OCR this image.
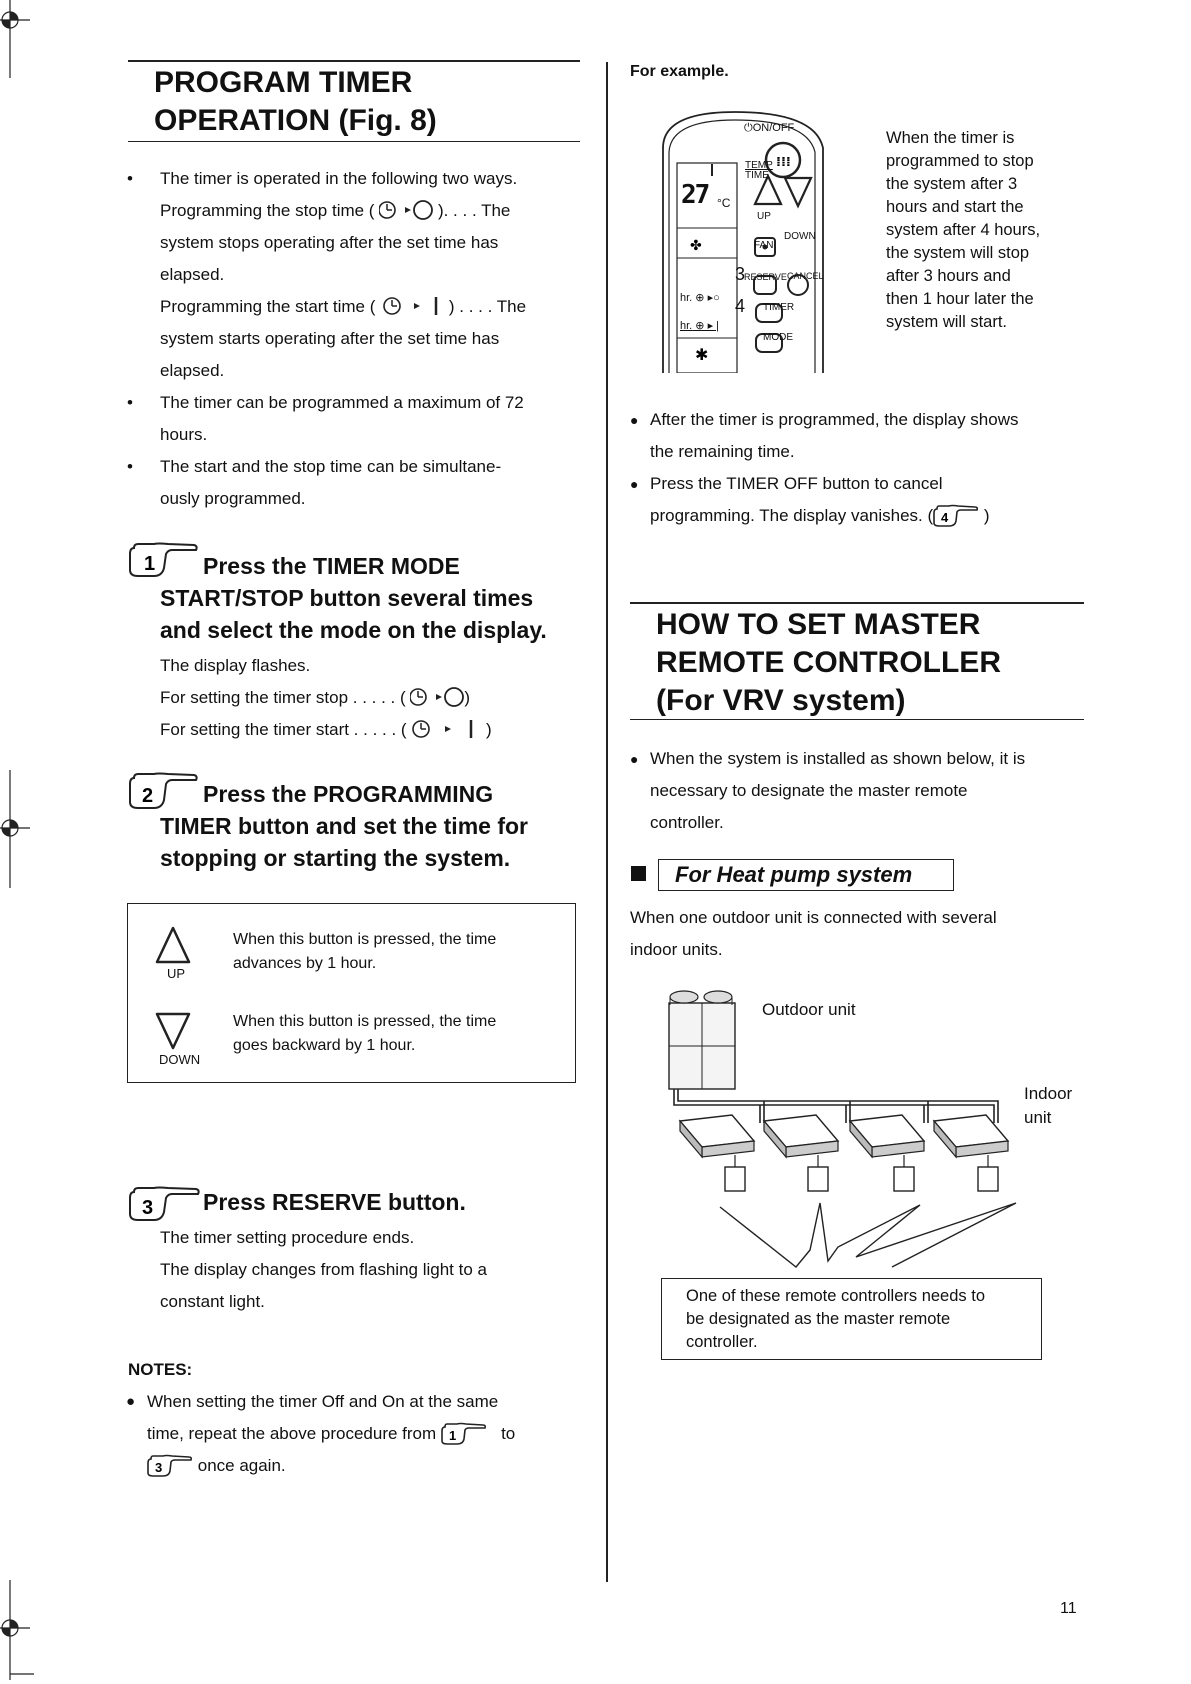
PROGRAM TIMER
OPERATION (Fig. 8)
• The timer is operated in the following two ways.
Programming the stop time (	). . . . The
system stops operating after the set time has
elapsed.
Programming the start time (	) . . . . The
system starts operating after the set time has
elapsed.
• The timer can be programmed a maximum of 72
hours.
• The start and the stop time can be simultane-
ously programmed.
1 Press the TIMER MODE
START/STOP button several times
and select the mode on the display.
The display flashes.
For setting the timer stop . . . . . (	)
For setting the timer start . . . . . (	)
2 Press the PROGRAMMING
TIMER button and set the time for
stopping or starting the system.
UP
When this button is pressed, the time
advances by 1 hour.
DOWN
When this button is pressed, the time
goes backward by 1 hour.
3 Press RESERVE button.
The timer setting procedure ends.
The display changes from flashing light to a
constant light.
NOTES:
● When setting the timer Off and On at the same
time, repeat the above procedure from 1	to
3 once again.
For example.
⁞⁞⁞
✤
✱
⏻ON/OFF
TEMP
TIME
27 °C
UP
DOWN
FAN
3
RESERVE CANCEL
hr. ⊕ ▸○ 4 TIMER
hr. ⊕ ▸ |
MODE
When the timer is
programmed to stop
the system after 3
hours and start the
system after 4 hours,
the system will stop
after 3 hours and
then 1 hour later the
system will start.
● After the timer is programmed, the display shows
the remaining time.
● Press the TIMER OFF button to cancel
programming. The display vanishes. ( 4 )
HOW TO SET MASTER
REMOTE CONTROLLER
(For VRV system)
● When the system is installed as shown below, it is
necessary to designate the master remote
controller.
For Heat pump system
When one outdoor unit is connected with several
indoor units.
Outdoor unit
Indoor
unit
One of these remote controllers needs to
be designated as the master remote
controller.
11
